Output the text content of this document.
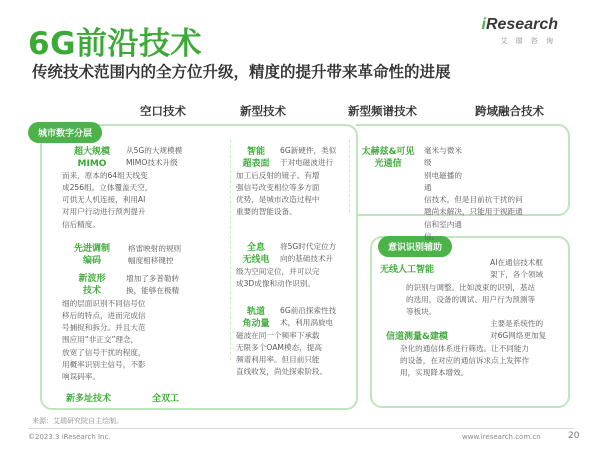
6G前沿技术
传统技术范围内的全方位升级，精度的提升带来革命性的进展
iResearch
艾 瑞 咨 询
空口技术	新型技术	新型频谱技术	跨域融合技术
城市数字分层
意识识别辅助
超大规模
MIMO
从5G的大规模模
MIMO技术升级
而来，原本的64组天线变
成256组。立体覆盖天空，
可供无人机连接，利用AI
对用户行动进行预判提升
信后精度。
先进调制
编码
格雷映射的规则
幅度相移键控
新波形
技术
增加了多普勒转
换，能够在极精
细的层面识别不同信号位
移后的特点，进而完成信
号捕捉和拆分。并且大范
围应用“非正交”理念，
放宽了信号干扰的程度，
用概率识别主信号，不影
响误码率。
新多址技术	全双工
智能
超表面
6G新硬件，类似
于对电磁波进行
加工后反射的镜子。有增
强信号改变相位等多方面
优势，是城市改造过程中
重要的智能设备。
全息
无线电
将5G时代定位方
向的基础技术升
级为空间定位，并可以完
成3D成像和动作识别。
轨道
角动量
6G前沿探索性技
术，利用涡旋电
磁波在同一个频率下承载
无限多个OAM模态，提高
频谱利用率。但目前只能
直线收发，尚处探索阶段。
太赫兹&可见
光通信
毫米与微米级
别电磁播的通
信技术，但是目前抗干扰的问
题尚未解决，只能用于视距通
信和室内通信。
无线人工智能
AI在通信技术框
架下，各个领域
的识别与调整。比如波束的识别，基站
的选用，设备的调试、用户行为预测等
等板块。
信道测量&建模
主要是系统性的
对6G网络更加复
杂化的通信体系进行筛选。让不同能力
的设备，在对应的通信诉求点上发挥作
用，实现降本增效。
来源：艾瑞研究院自主绘制。
©2023.3 iResearch Inc.	www.iresearch.com.cn	20
